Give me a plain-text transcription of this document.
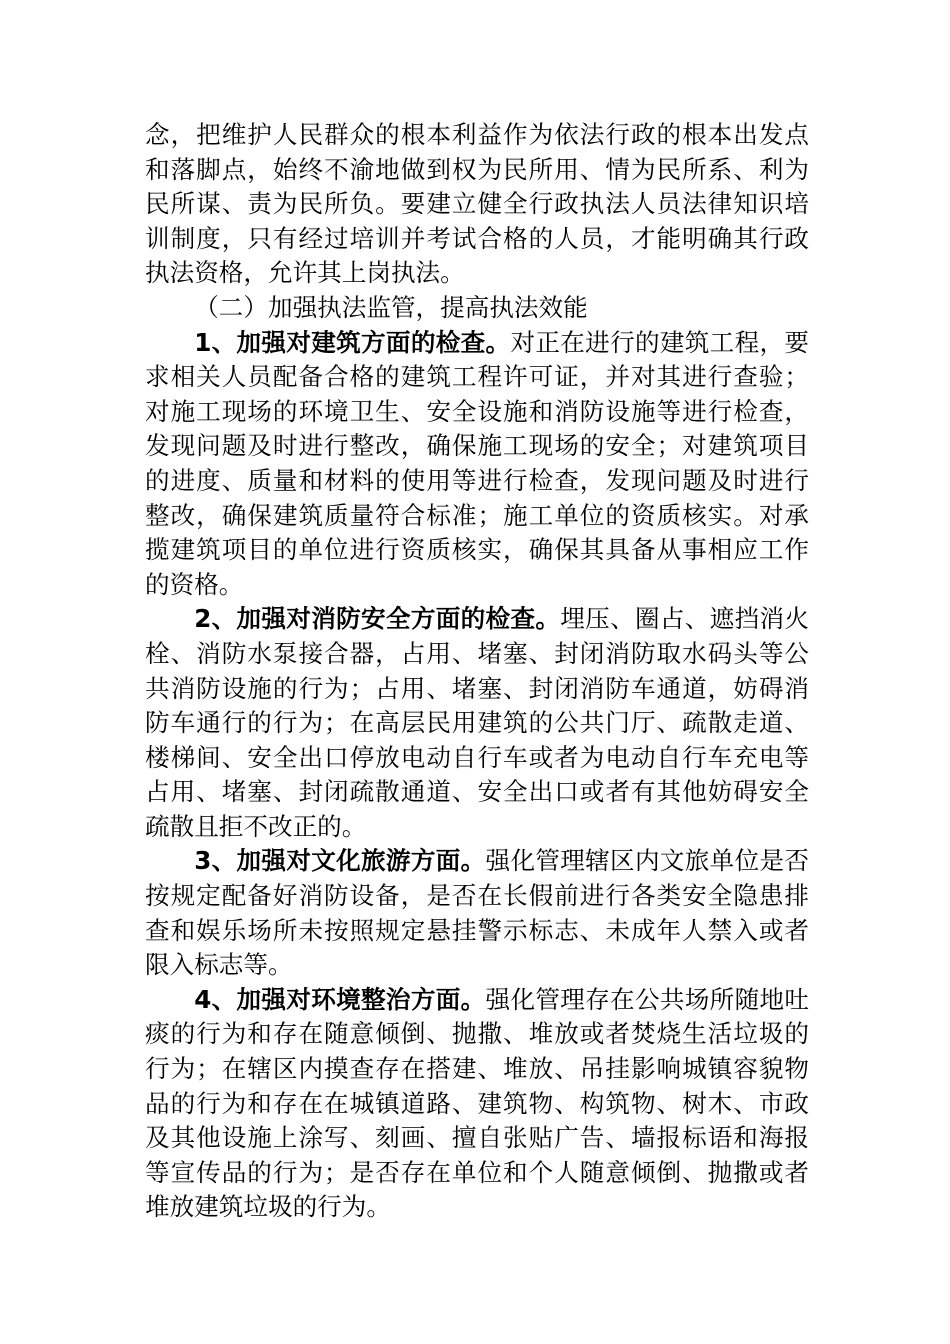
念，把维护人民群众的根本利益作为依法行政的根本出发点和落脚点，始终不渝地做到权为民所用、情为民所系、利为民所谋、责为民所负。要建立健全行政执法人员法律知识培训制度，只有经过培训并考试合格的人员，才能明确其行政执法资格，允许其上岗执法。

（二）加强执法监管，提高执法效能

1、加强对建筑方面的检查。对正在进行的建筑工程，要求相关人员配备合格的建筑工程许可证，并对其进行查验；对施工现场的环境卫生、安全设施和消防设施等进行检查，发现问题及时进行整改，确保施工现场的安全；对建筑项目的进度、质量和材料的使用等进行检查，发现问题及时进行整改，确保建筑质量符合标准；施工单位的资质核实。对承揽建筑项目的单位进行资质核实，确保其具备从事相应工作的资格。

2、加强对消防安全方面的检查。埋压、圈占、遮挡消火栓、消防水泵接合器，占用、堵塞、封闭消防取水码头等公共消防设施的行为；占用、堵塞、封闭消防车通道，妨碍消防车通行的行为；在高层民用建筑的公共门厅、疏散走道、楼梯间、安全出口停放电动自行车或者为电动自行车充电等占用、堵塞、封闭疏散通道、安全出口或者有其他妨碍安全疏散且拒不改正的。

3、加强对文化旅游方面。强化管理辖区内文旅单位是否按规定配备好消防设备，是否在长假前进行各类安全隐患排查和娱乐场所未按照规定悬挂警示标志、未成年人禁入或者限入标志等。

4、加强对环境整治方面。强化管理存在公共场所随地吐痰的行为和存在随意倾倒、抛撒、堆放或者焚烧生活垃圾的行为；在辖区内摸查存在搭建、堆放、吊挂影响城镇容貌物品的行为和存在在城镇道路、建筑物、构筑物、树木、市政及其他设施上涂写、刻画、擅自张贴广告、墙报标语和海报等宣传品的行为；是否存在单位和个人随意倾倒、抛撒或者堆放建筑垃圾的行为。
